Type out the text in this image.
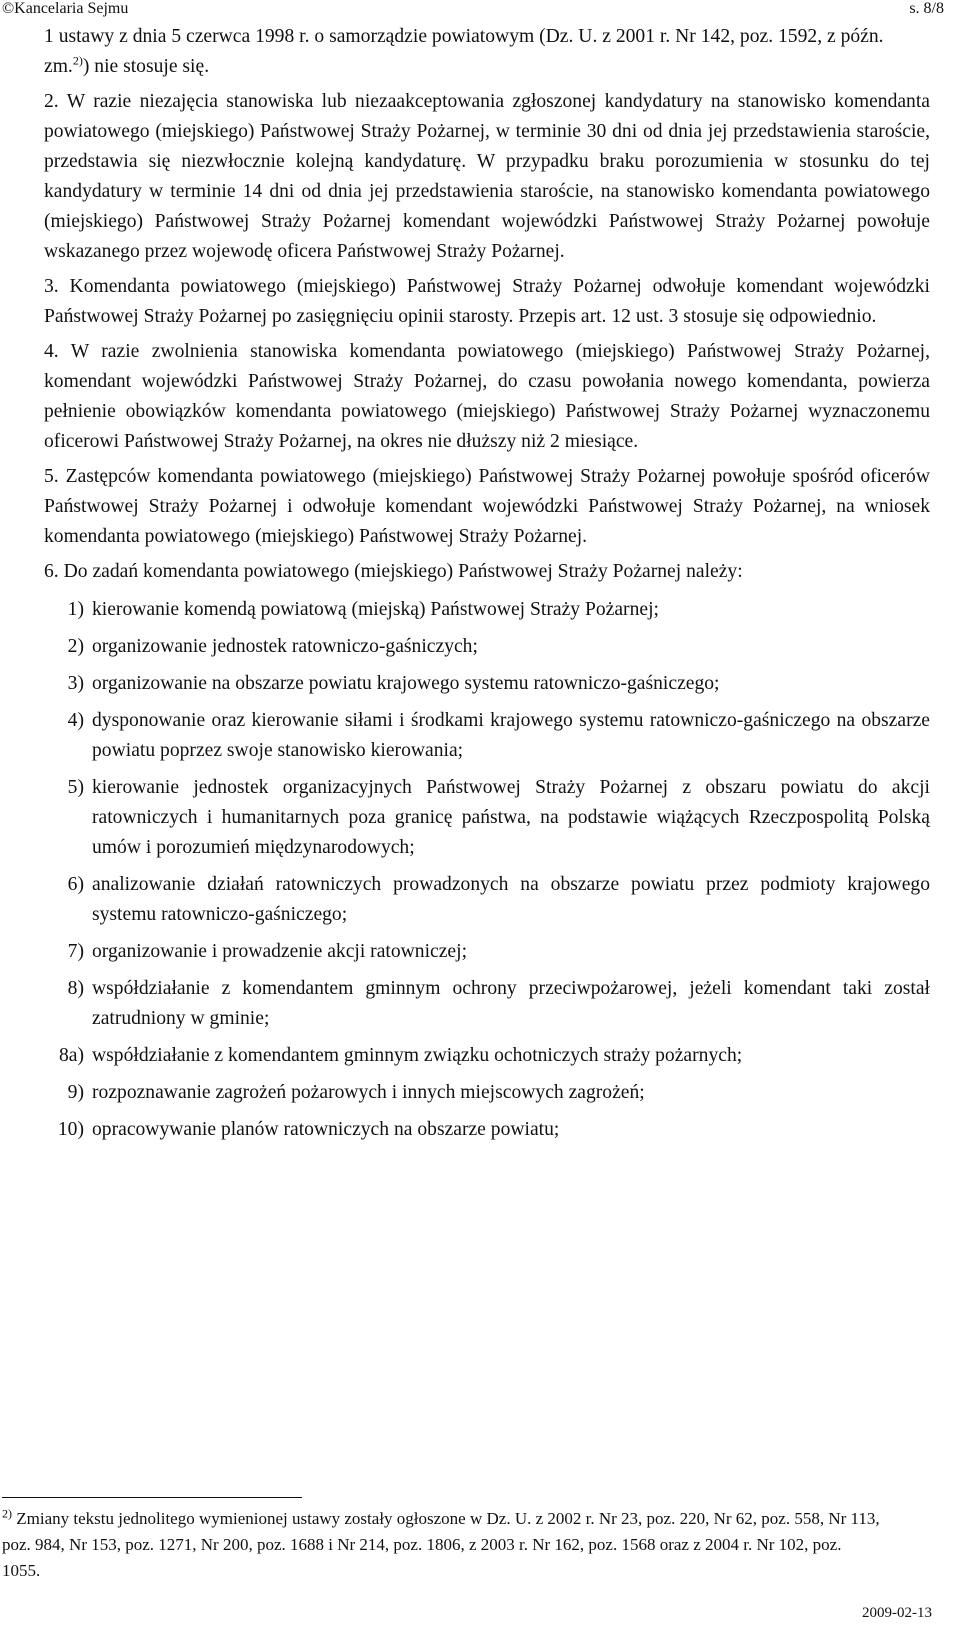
©Kancelaria Sejmu	s. 8/8

1 ustawy z dnia 5 czerwca 1998 r. o samorządzie powiatowym (Dz. U. z 2001 r. Nr 142, poz. 1592, z późn. zm.$^{2)}$) nie stosuje się.

2. W razie niezajęcia stanowiska lub niezaakceptowania zgłoszonej kandydatury na stanowisko komendanta powiatowego (miejskiego) Państwowej Straży Pożarnej, w terminie 30 dni od dnia jej przedstawienia staroście, przedstawia się niezwłocznie kolejną kandydaturę. W przypadku braku porozumienia w stosunku do tej kandydatury w terminie 14 dni od dnia jej przedstawienia staroście, na stanowisko komendanta powiatowego (miejskiego) Państwowej Straży Pożarnej komendant wojewódzki Państwowej Straży Pożarnej powołuje wskazanego przez wojewodę oficera Państwowej Straży Pożarnej.

3. Komendanta powiatowego (miejskiego) Państwowej Straży Pożarnej odwołuje komendant wojewódzki Państwowej Straży Pożarnej po zasięgnięciu opinii starosty. Przepis art. 12 ust. 3 stosuje się odpowiednio.

4. W razie zwolnienia stanowiska komendanta powiatowego (miejskiego) Państwowej Straży Pożarnej, komendant wojewódzki Państwowej Straży Pożarnej, do czasu powołania nowego komendanta, powierza pełnienie obowiązków komendanta powiatowego (miejskiego) Państwowej Straży Pożarnej wyznaczonemu oficerowi Państwowej Straży Pożarnej, na okres nie dłuższy niż 2 miesiące.

5. Zastępców komendanta powiatowego (miejskiego) Państwowej Straży Pożarnej powołuje spośród oficerów Państwowej Straży Pożarnej i odwołuje komendant wojewódzki Państwowej Straży Pożarnej, na wniosek komendanta powiatowego (miejskiego) Państwowej Straży Pożarnej.

6. Do zadań komendanta powiatowego (miejskiego) Państwowej Straży Pożarnej należy:

1) kierowanie komendą powiatową (miejską) Państwowej Straży Pożarnej;
2) organizowanie jednostek ratowniczo-gaśniczych;
3) organizowanie na obszarze powiatu krajowego systemu ratowniczo-gaśniczego;
4) dysponowanie oraz kierowanie siłami i środkami krajowego systemu ratowniczo-gaśniczego na obszarze powiatu poprzez swoje stanowisko kierowania;
5) kierowanie jednostek organizacyjnych Państwowej Straży Pożarnej z obszaru powiatu do akcji ratowniczych i humanitarnych poza granicę państwa, na podstawie wiążących Rzeczpospolitą Polską umów i porozumień międzynarodowych;
6) analizowanie działań ratowniczych prowadzonych na obszarze powiatu przez podmioty krajowego systemu ratowniczo-gaśniczego;
7) organizowanie i prowadzenie akcji ratowniczej;
8) współdziałanie z komendantem gminnym ochrony przeciwpożarowej, jeżeli komendant taki został zatrudniony w gminie;
8a) współdziałanie z komendantem gminnym związku ochotniczych straży pożarnych;
9) rozpoznawanie zagrożeń pożarowych i innych miejscowych zagrożeń;
10) opracowywanie planów ratowniczych na obszarze powiatu;
$^{2)}$ Zmiany tekstu jednolitego wymienionej ustawy zostały ogłoszone w Dz. U. z 2002 r. Nr 23, poz. 220, Nr 62, poz. 558, Nr 113, poz. 984, Nr 153, poz. 1271, Nr 200, poz. 1688 i Nr 214, poz. 1806, z 2003 r. Nr 162, poz. 1568 oraz z 2004 r. Nr 102, poz. 1055.
2009-02-13
